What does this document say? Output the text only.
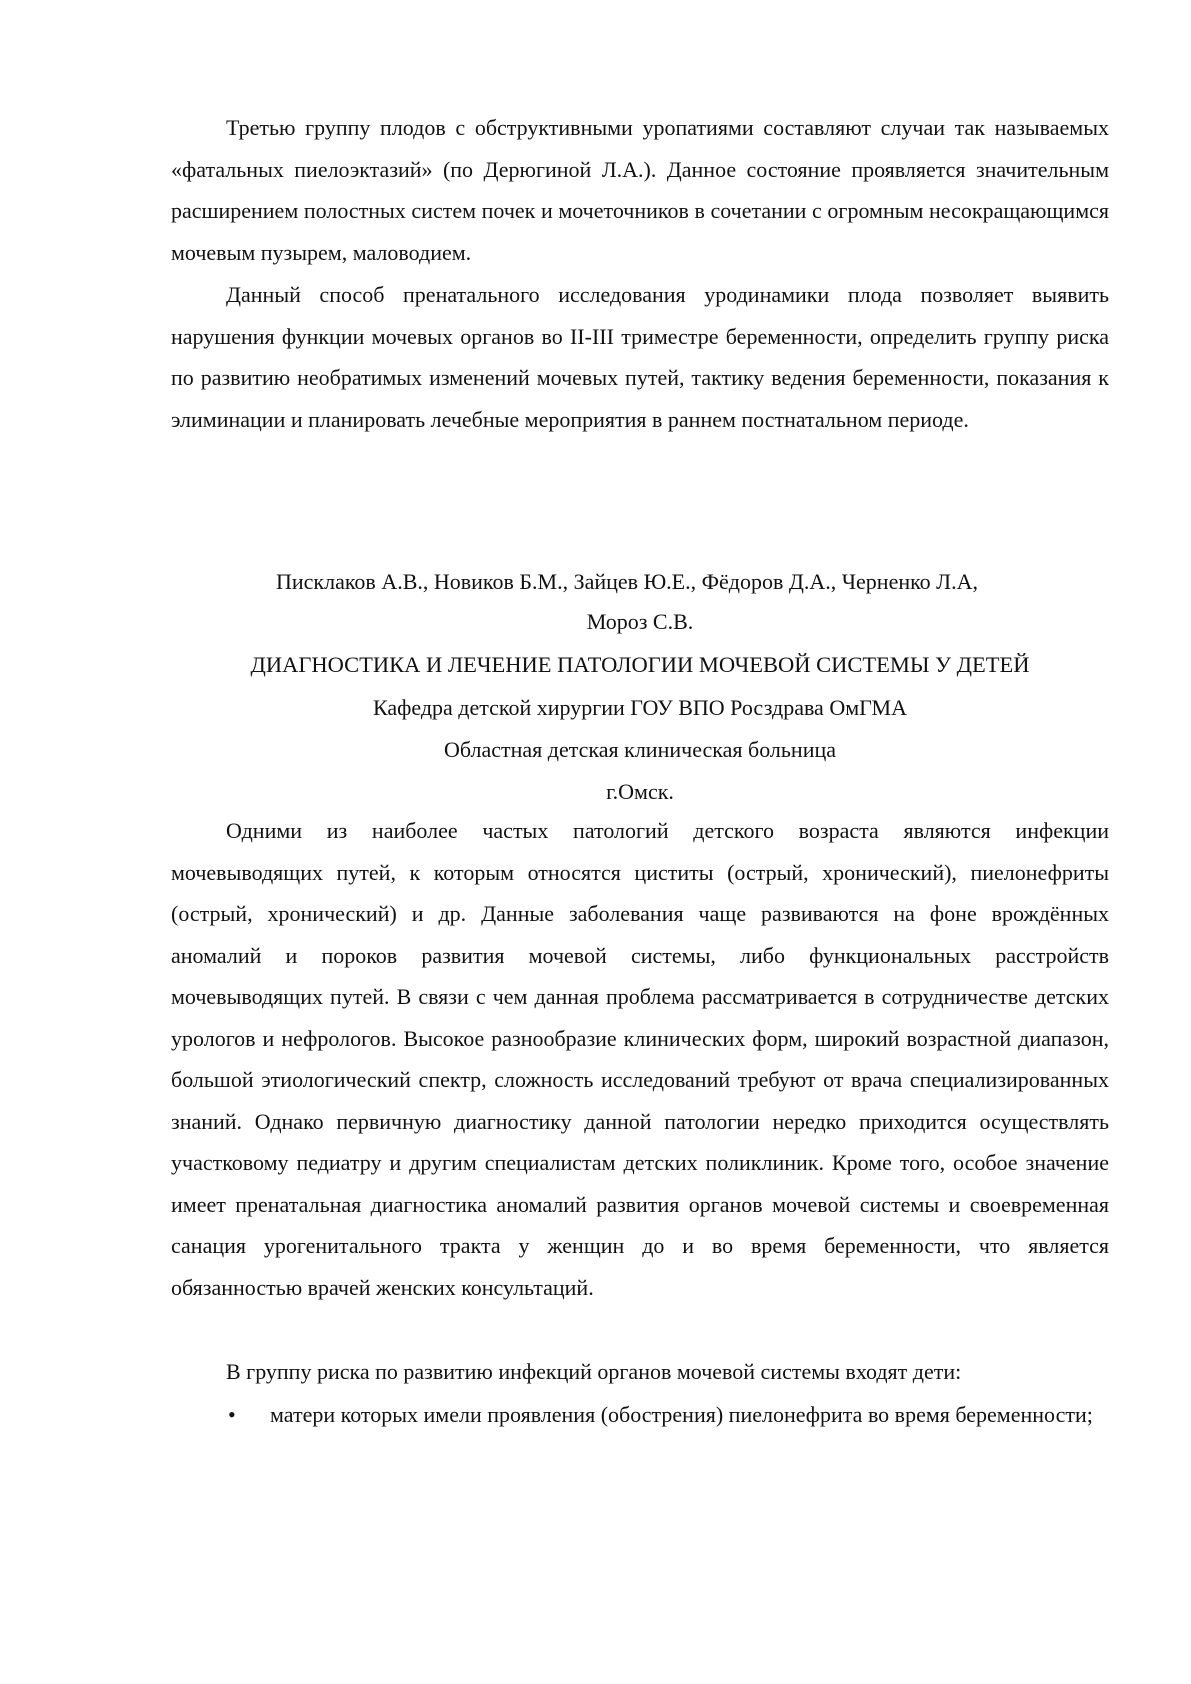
Третью группу плодов с обструктивными уропатиями составляют случаи так называемых «фатальных пиелоэктазий» (по Дерюгиной Л.А.). Данное состояние проявляется значительным расширением полостных систем почек и мочеточников в сочетании с огромным несокращающимся мочевым пузырем, маловодием.

Данный способ пренатального исследования уродинамики плода позволяет выявить нарушения функции мочевых органов во II-III триместре беременности, определить группу риска по развитию необратимых изменений мочевых путей, тактику ведения беременности, показания к элиминации и планировать лечебные мероприятия в раннем постнатальном периоде.

Писклаков А.В., Новиков Б.М., Зайцев Ю.Е., Фёдоров Д.А., Черненко Л.А,
Мороз С.В.
ДИАГНОСТИКА И ЛЕЧЕНИЕ ПАТОЛОГИИ МОЧЕВОЙ СИСТЕМЫ У ДЕТЕЙ
Кафедра детской хирургии ГОУ ВПО Росздрава ОмГМА
Областная детская клиническая больница
г.Омск.

Одними из наиболее частых патологий детского возраста являются инфекции мочевыводящих путей, к которым относятся циститы (острый, хронический), пиелонефриты (острый, хронический) и др. Данные заболевания чаще развиваются на фоне врождённых аномалий и пороков развития мочевой системы, либо функциональных расстройств мочевыводящих путей. В связи с чем данная проблема рассматривается в сотрудничестве детских урологов и нефрологов. Высокое разнообразие клинических форм, широкий возрастной диапазон, большой этиологический спектр, сложность исследований требуют от врача специализированных знаний. Однако первичную диагностику данной патологии нередко приходится осуществлять участковому педиатру и другим специалистам детских поликлиник. Кроме того, особое значение имеет пренатальная диагностика аномалий развития органов мочевой системы и своевременная санация урогенитального тракта у женщин до и во время беременности, что является обязанностью врачей женских консультаций.

В группу риска по развитию инфекций органов мочевой системы входят дети:

•	матери которых имели проявления (обострения) пиелонефрита во время беременности;
